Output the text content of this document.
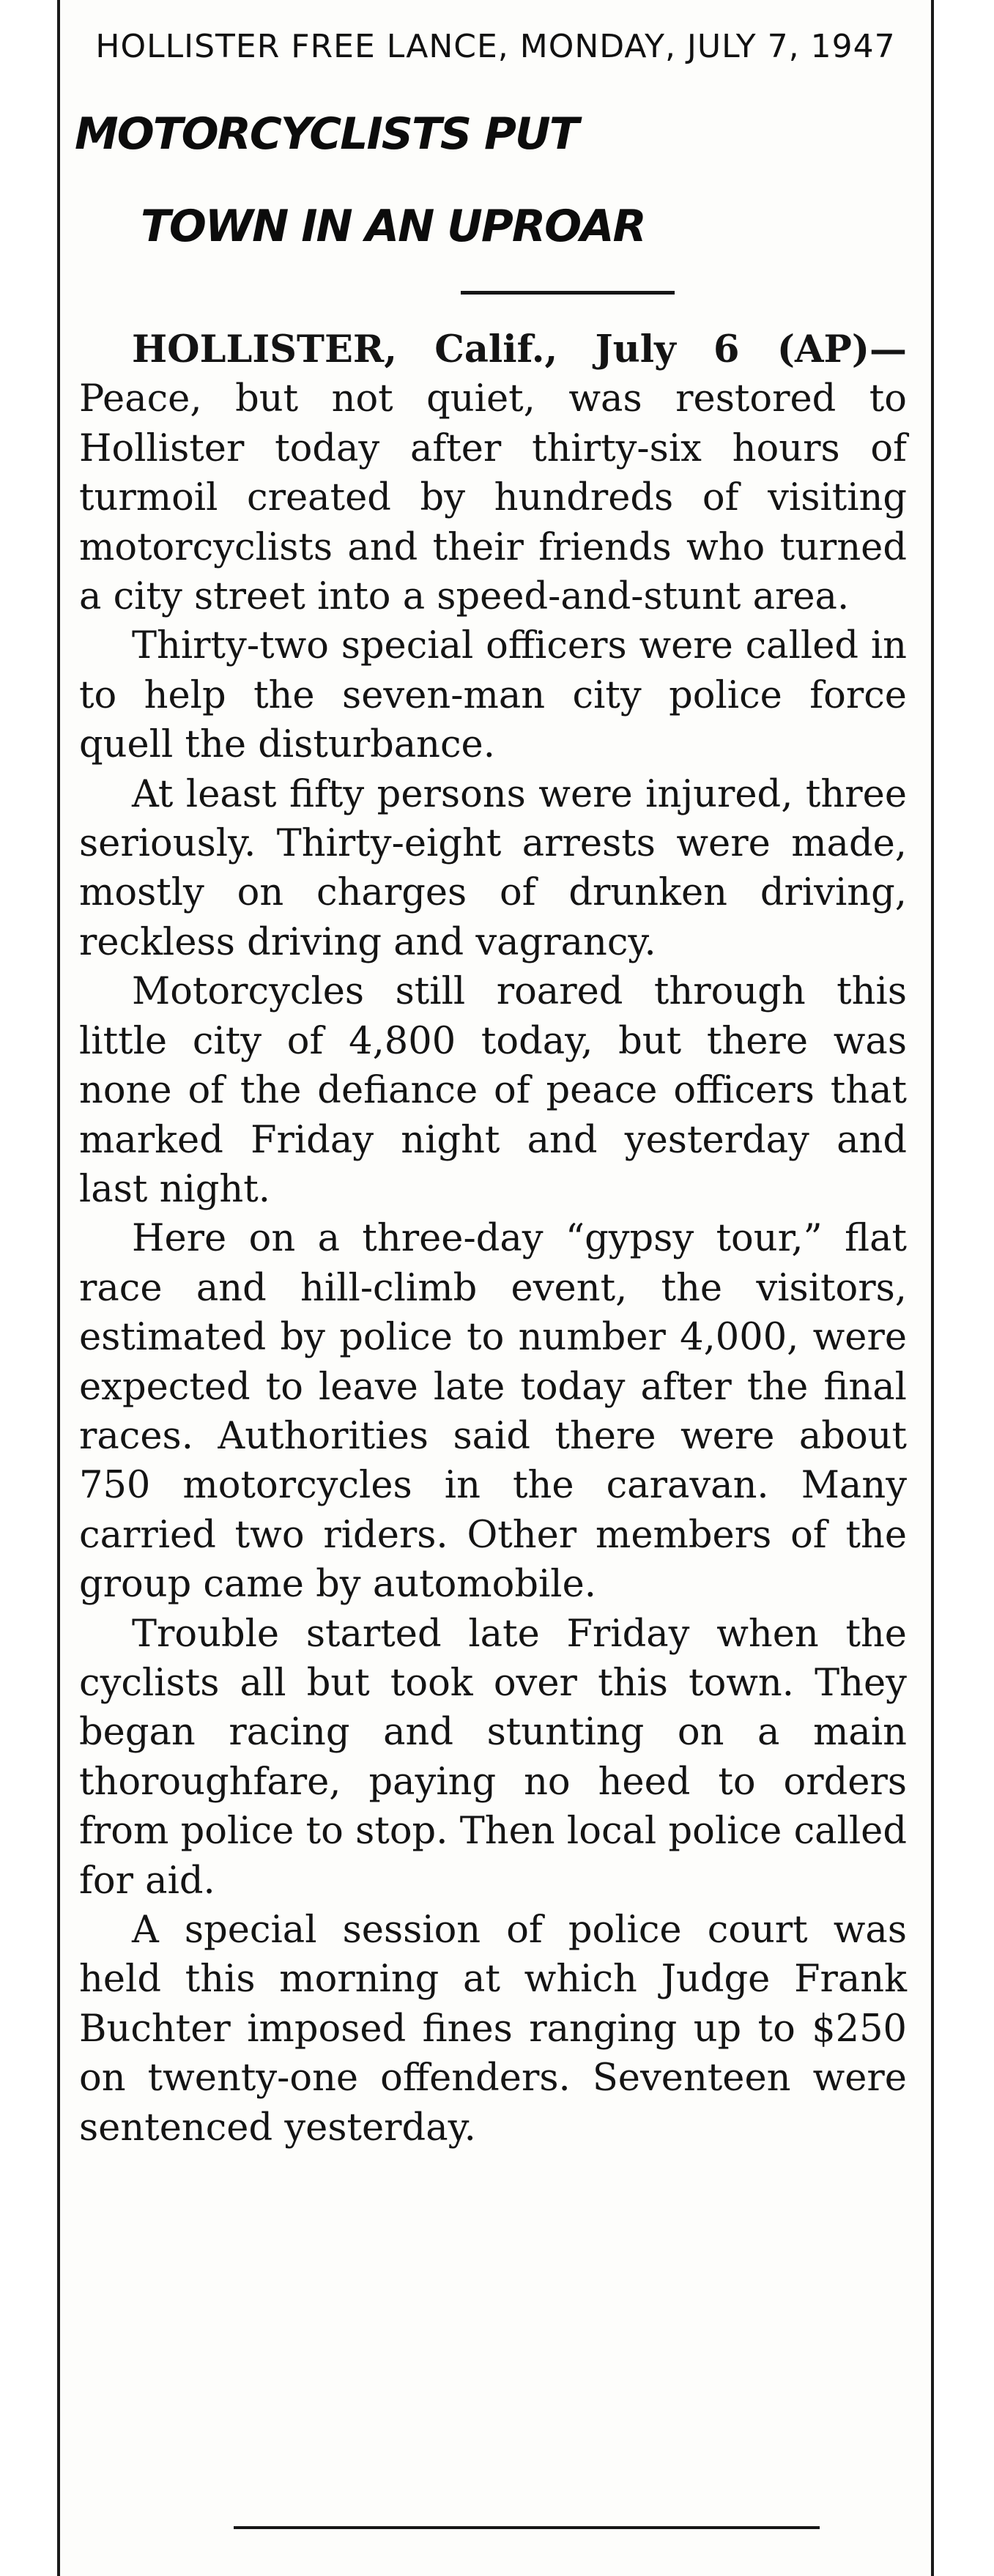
HOLLISTER FREE LANCE, MONDAY, JULY 7, 1947
MOTORCYCLISTS PUT
TOWN IN AN UPROAR

HOLLISTER, Calif., July 6 (AP)— Peace, but not quiet, was restored to Hollister today after thirty-six hours of turmoil created by hundreds of visiting motorcyclists and their friends who turned a city street into a speed-and-stunt area.

Thirty-two special officers were called in to help the seven-man city police force quell the disturbance.

At least fifty persons were injured, three seriously. Thirty-eight arrests were made, mostly on charges of drunken driving, reckless driving and vagrancy.

Motorcycles still roared through this little city of 4,800 today, but there was none of the defiance of peace officers that marked Friday night and yesterday and last night.

Here on a three-day “gypsy tour,” flat race and hill-climb event, the visitors, estimated by police to number 4,000, were expected to leave late today after the final races. Authorities said there were about 750 motorcycles in the caravan. Many carried two riders. Other members of the group came by automobile.

Trouble started late Friday when the cyclists all but took over this town. They began racing and stunting on a main thoroughfare, paying no heed to orders from police to stop. Then local police called for aid.

A special session of police court was held this morning at which Judge Frank Buchter imposed fines ranging up to $250 on twenty-one offenders. Seventeen were sentenced yesterday.
